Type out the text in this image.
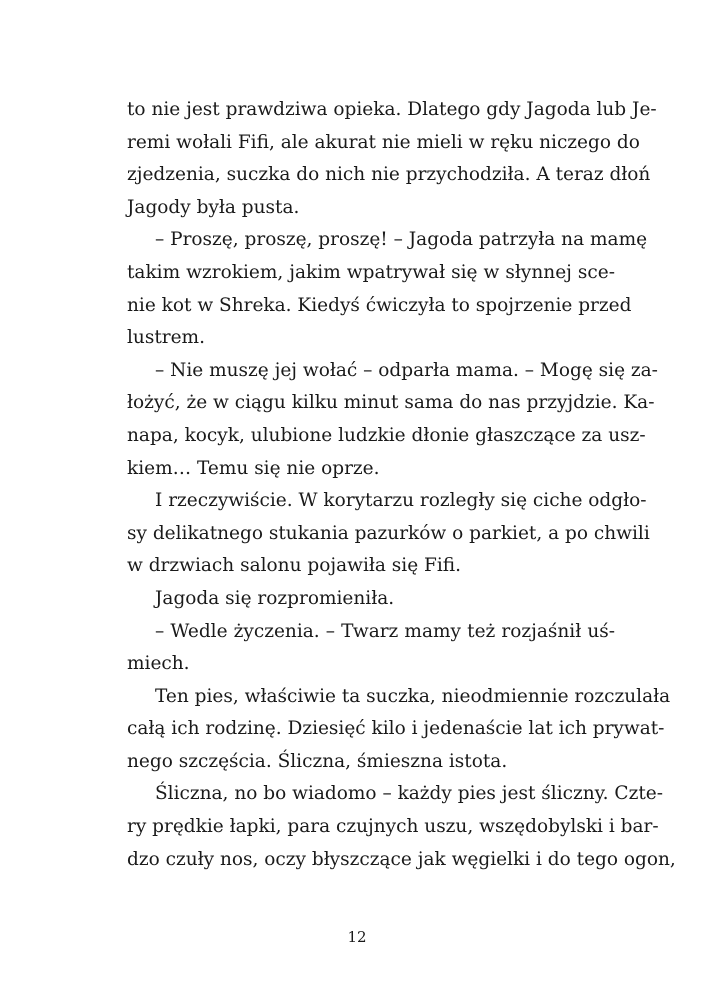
to nie jest prawdziwa opieka. Dlatego gdy Jagoda lub Je-
remi wołali Fifi, ale akurat nie mieli w ręku niczego do
zjedzenia, suczka do nich nie przychodziła. A teraz dłoń
Jagody była pusta.
– Proszę, proszę, proszę! – Jagoda patrzyła na mamę
takim wzrokiem, jakim wpatrywał się w słynnej sce-
nie kot w Shreka. Kiedyś ćwiczyła to spojrzenie przed
lustrem.
– Nie muszę jej wołać – odparła mama. – Mogę się za-
łożyć, że w ciągu kilku minut sama do nas przyjdzie. Ka-
napa, kocyk, ulubione ludzkie dłonie głaszczące za usz-
kiem… Temu się nie oprze.
I rzeczywiście. W korytarzu rozległy się ciche odgło-
sy delikatnego stukania pazurków o parkiet, a po chwili
w drzwiach salonu pojawiła się Fifi.
Jagoda się rozpromieniła.
– Wedle życzenia. – Twarz mamy też rozjaśnił uś-
miech.
Ten pies, właściwie ta suczka, nieodmiennie rozczulała
całą ich rodzinę. Dziesięć kilo i jedenaście lat ich prywat-
nego szczęścia. Śliczna, śmieszna istota.
Śliczna, no bo wiadomo – każdy pies jest śliczny. Czte-
ry prędkie łapki, para czujnych uszu, wszędobylski i bar-
dzo czuły nos, oczy błyszczące jak węgielki i do tego ogon,
12
